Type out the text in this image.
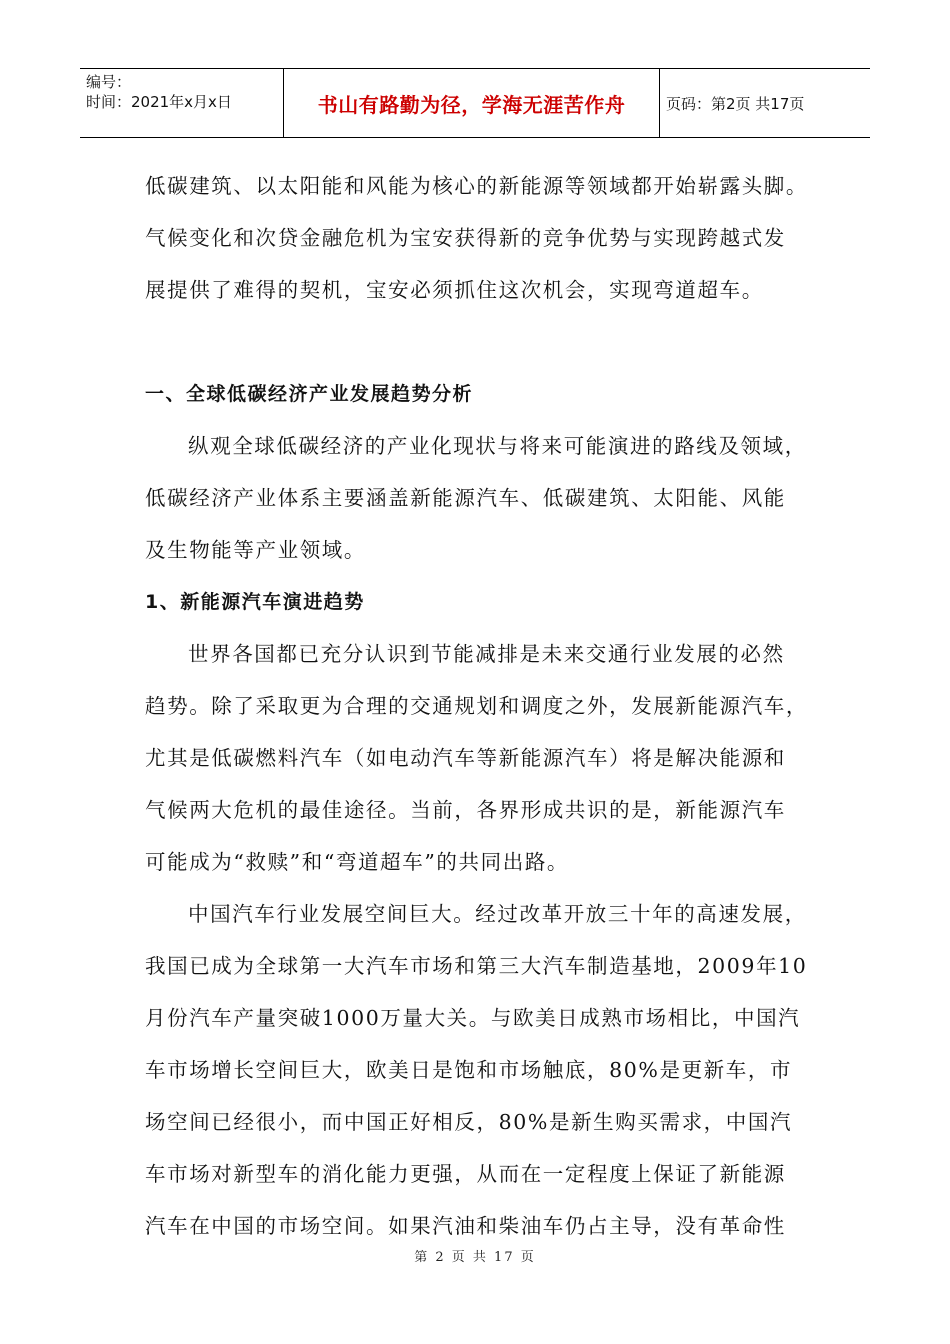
编号：
时间：2021年x月x日	书山有路勤为径，学海无涯苦作舟	页码：第2页 共17页
低碳建筑、以太阳能和风能为核心的新能源等领域都开始崭露头脚。
气候变化和次贷金融危机为宝安获得新的竞争优势与实现跨越式发
展提供了难得的契机，宝安必须抓住这次机会，实现弯道超车。
一、全球低碳经济产业发展趋势分析
纵观全球低碳经济的产业化现状与将来可能演进的路线及领域，
低碳经济产业体系主要涵盖新能源汽车、低碳建筑、太阳能、风能
及生物能等产业领域。
1、新能源汽车演进趋势
世界各国都已充分认识到节能减排是未来交通行业发展的必然
趋势。除了采取更为合理的交通规划和调度之外，发展新能源汽车，
尤其是低碳燃料汽车（如电动汽车等新能源汽车）将是解决能源和
气候两大危机的最佳途径。当前，各界形成共识的是，新能源汽车
可能成为“救赎”和“弯道超车”的共同出路。
中国汽车行业发展空间巨大。经过改革开放三十年的高速发展，
我国已成为全球第一大汽车市场和第三大汽车制造基地，2009年10
月份汽车产量突破1000万量大关。与欧美日成熟市场相比，中国汽
车市场增长空间巨大，欧美日是饱和市场触底，80%是更新车，市
场空间已经很小，而中国正好相反，80%是新生购买需求，中国汽
车市场对新型车的消化能力更强，从而在一定程度上保证了新能源
汽车在中国的市场空间。如果汽油和柴油车仍占主导，没有革命性
第 2 页 共 17 页
